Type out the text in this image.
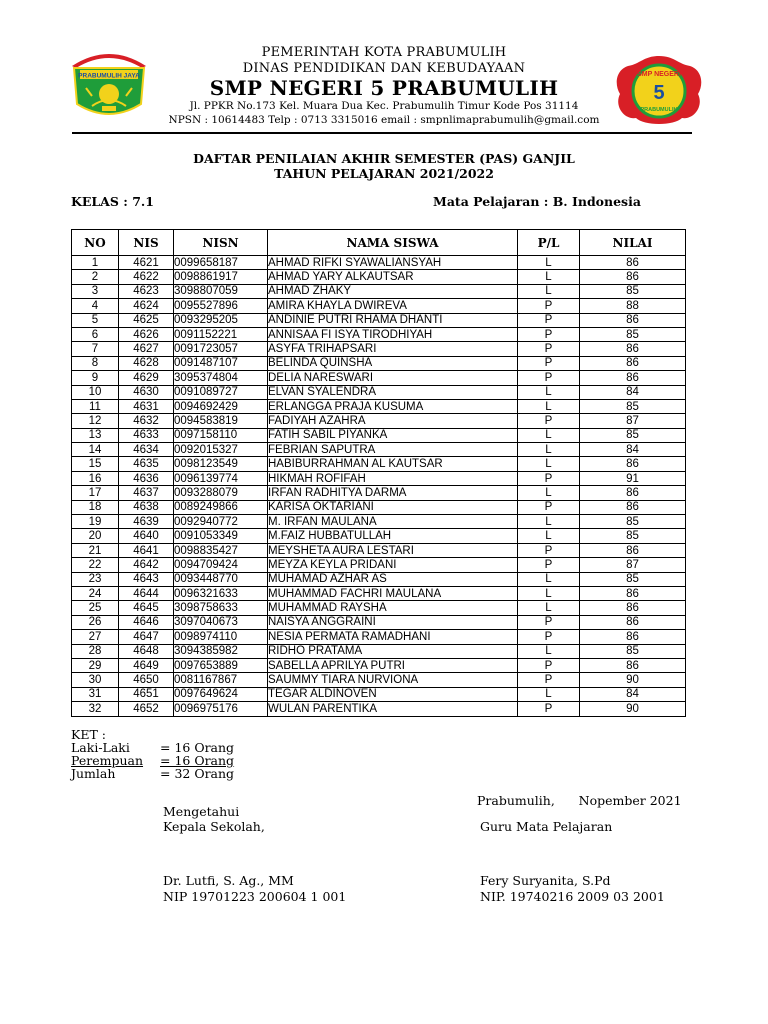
PRABUMULIH JAYA	SMP NEGERI
5
PRABUMULIH
PEMERINTAH KOTA PRABUMULIH
DINAS PENDIDIKAN DAN KEBUDAYAAN
SMP NEGERI 5 PRABUMULIH
Jl. PPKR No.173 Kel. Muara Dua Kec. Prabumulih Timur Kode Pos 31114
NPSN : 10614483 Telp : 0713 3315016 email : smpnlimaprabumulih@gmail.com
DAFTAR PENILAIAN AKHIR SEMESTER (PAS) GANJIL
TAHUN PELAJARAN 2021/2022
KELAS : 7.1	Mata Pelajaran : B. Indonesia
NO	NIS	NISN	NAMA SISWA	P/L	NILAI
1	4621	0099658187	AHMAD RIFKI SYAWALIANSYAH	L	86
2	4622	0098861917	AHMAD YARY ALKAUTSAR	L	86
3	4623	3098807059	AHMAD ZHAKY	L	85
4	4624	0095527896	AMIRA KHAYLA DWIREVA	P	88
5	4625	0093295205	ANDINIE PUTRI RHAMA DHANTI	P	86
6	4626	0091152221	ANNISAA FI ISYA TIRODHIYAH	P	85
7	4627	0091723057	ASYFA TRIHAPSARI	P	86
8	4628	0091487107	BELINDA QUINSHA	P	86
9	4629	3095374804	DELIA NARESWARI	P	86
10	4630	0091089727	ELVAN SYALENDRA	L	84
11	4631	0094692429	ERLANGGA PRAJA KUSUMA	L	85
12	4632	0094583819	FADIYAH AZAHRA	P	87
13	4633	0097158110	FATIH SABIL PIYANKA	L	85
14	4634	0092015327	FEBRIAN SAPUTRA	L	84
15	4635	0098123549	HABIBURRAHMAN AL KAUTSAR	L	86
16	4636	0096139774	HIKMAH ROFIFAH	P	91
17	4637	0093288079	IRFAN RADHITYA DARMA	L	86
18	4638	0089249866	KARISA OKTARIANI	P	86
19	4639	0092940772	M. IRFAN MAULANA	L	85
20	4640	0091053349	M.FAIZ HUBBATULLAH	L	85
21	4641	0098835427	MEYSHETA AURA LESTARI	P	86
22	4642	0094709424	MEYZA KEYLA PRIDANI	P	87
23	4643	0093448770	MUHAMAD AZHAR AS	L	85
24	4644	0096321633	MUHAMMAD FACHRI MAULANA	L	86
25	4645	3098758633	MUHAMMAD RAYSHA	L	86
26	4646	3097040673	NAISYA ANGGRAINI	P	86
27	4647	0098974110	NESIA PERMATA RAMADHANI	P	86
28	4648	3094385982	RIDHO PRATAMA	L	85
29	4649	0097653889	SABELLA APRILYA PUTRI	P	86
30	4650	0081167867	SAUMMY TIARA NURVIONA	P	90
31	4651	0097649624	TEGAR ALDINOVEN	L	84
32	4652	0096975176	WULAN PARENTIKA	P	90
KET :
Laki-Laki = 16 Orang
Perempuan = 16 Orang
Jumlah	= 32 Orang
Prabumulih,      Nopember 2021
Mengetahui
Kepala Sekolah,	Guru Mata Pelajaran
Dr. Lutfi, S. Ag., MM
NIP 19701223 200604 1 001
Fery Suryanita, S.Pd
NIP. 19740216 2009 03 2001
